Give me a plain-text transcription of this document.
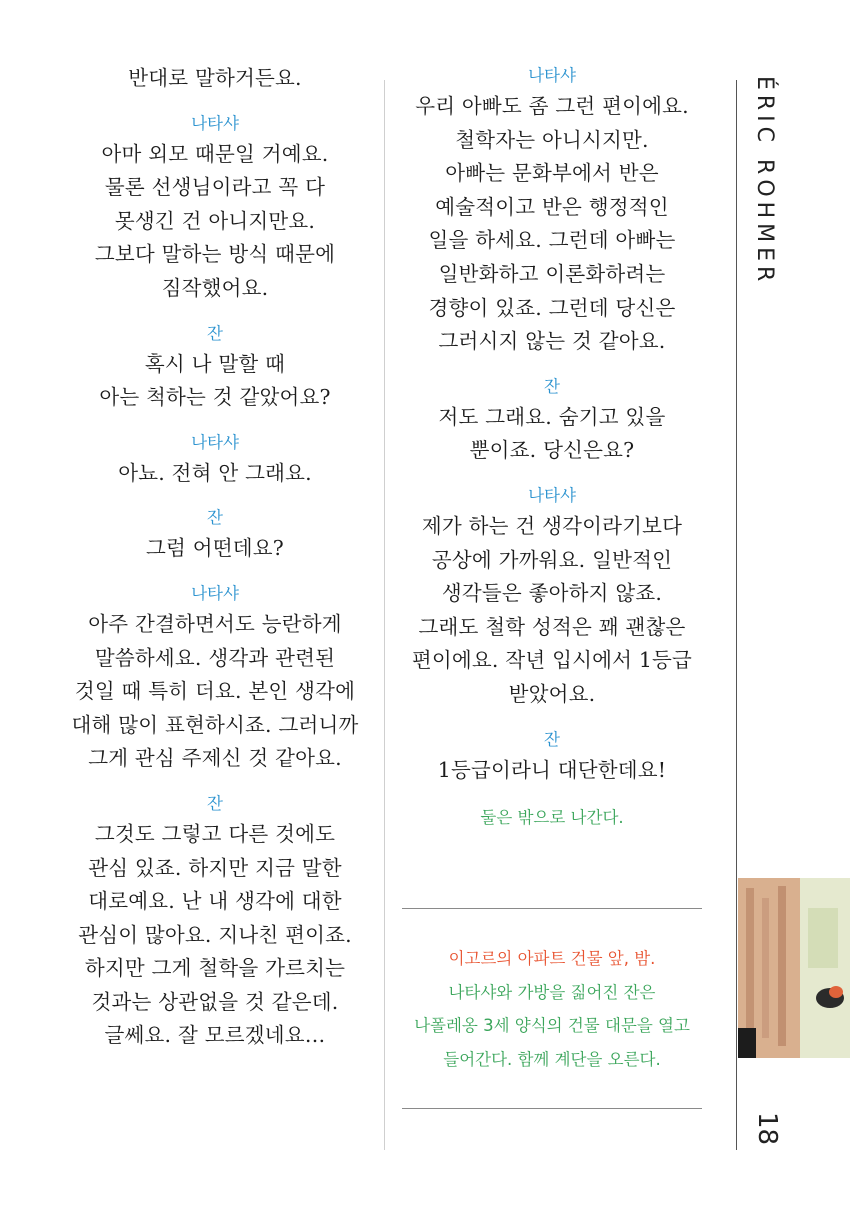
반대로 말하거든요.
나타샤
아마 외모 때문일 거예요.
물론 선생님이라고 꼭 다
못생긴 건 아니지만요.
그보다 말하는 방식 때문에
짐작했어요.
잔
혹시 나 말할 때
아는 척하는 것 같았어요?
나타샤
아뇨. 전혀 안 그래요.
잔
그럼 어떤데요?
나타샤
아주 간결하면서도 능란하게
말씀하세요. 생각과 관련된
것일 때 특히 더요. 본인 생각에
대해 많이 표현하시죠. 그러니까
그게 관심 주제신 것 같아요.
잔
그것도 그렇고 다른 것에도
관심 있죠. 하지만 지금 말한
대로예요. 난 내 생각에 대한
관심이 많아요. 지나친 편이죠.
하지만 그게 철학을 가르치는
것과는 상관없을 것 같은데.
글쎄요. 잘 모르겠네요…
나타샤
우리 아빠도 좀 그런 편이에요.
철학자는 아니시지만.
아빠는 문화부에서 반은
예술적이고 반은 행정적인
일을 하세요. 그런데 아빠는
일반화하고 이론화하려는
경향이 있죠. 그런데 당신은
그러시지 않는 것 같아요.
잔
저도 그래요. 숨기고 있을
뿐이죠. 당신은요?
나타샤
제가 하는 건 생각이라기보다
공상에 가까워요. 일반적인
생각들은 좋아하지 않죠.
그래도 철학 성적은 꽤 괜찮은
편이에요. 작년 입시에서 1등급
받았어요.
잔
1등급이라니 대단한데요!
둘은 밖으로 나간다.
이고르의 아파트 건물 앞, 밤.
나타샤와 가방을 짊어진 잔은
나폴레옹 3세 양식의 건물 대문을 열고
들어간다. 함께 계단을 오른다.
ÉRIC ROHMER
18
